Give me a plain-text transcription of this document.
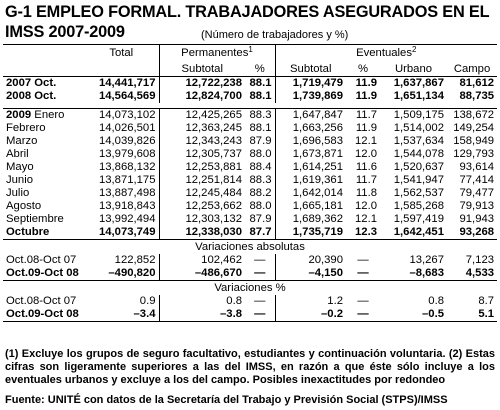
G-1 EMPLEO FORMAL. TRABAJADORES ASEGURADOS EN EL
IMSS 2007-2009	(Número de trabajadores y %)
	Total	Permanentes$^1$		Eventuales$^2$
		Subtotal	%	Subtotal	%	Urbano	Campo
2007 Oct.	14,441,717	12,722,238	88.1	1,719,479	11.9	1,637,867	81,612
2008 Oct.	14,564,569	12,824,700	88.1	1,739,869	11.9	1,651,134	88,735

2009 Enero	14,073,102	12,425,265	88.3	1,647,847	11.7	1,509,175	138,672
Febrero	14,026,501	12,363,245	88.1	1,663,256	11.9	1,514,002	149,254
Marzo	14,039,826	12,343,243	87.9	1,696,583	12.1	1,537,634	158,949
Abril	13,979,608	12,305,737	88.0	1,673,871	12.0	1,544,078	129,793
Mayo	13,868,132	12,253,881	88.4	1,614,251	11.6	1,520,637	93,614
Junio	13,871,175	12,251,814	88.3	1,619,361	11.7	1,541,947	77,414
Julio	13,887,498	12,245,484	88.2	1,642,014	11.8	1,562,537	79,477
Agosto	13,918,843	12,253,662	88.0	1,665,181	12.0	1,585,268	79,913
Septiembre	13,992,494	12,303,132	87.9	1,689,362	12.1	1,597,419	91,943
Octubre	14,073,749	12,338,030	87.7	1,735,719	12.3	1,642,451	93,268
Variaciones absolutas							
Oct.08-Oct 07	122,852	102,462	—	20,390	—	13,267	7,123
Oct.09-Oct 08	–490,820	–486,670	—	–4,150	—	–8,683	4,533
Variaciones %							
Oct.08-Oct 07	0.9	0.8	—	1.2	—	0.8	8.7
Oct.09-Oct 08	–3.4	–3.8	—	–0.2	—	–0.5	5.1
(1) Excluye los grupos de seguro facultativo, estudiantes y continuación voluntaria. (2) Estas cifras son ligeramente superiores a las del IMSS, en razón a que éste sólo incluye a los eventuales urbanos y excluye a los del campo. Posibles inexactitudes por redondeo
Fuente: UNITÉ con datos de la Secretaría del Trabajo y Previsión Social (STPS)/IMSS
